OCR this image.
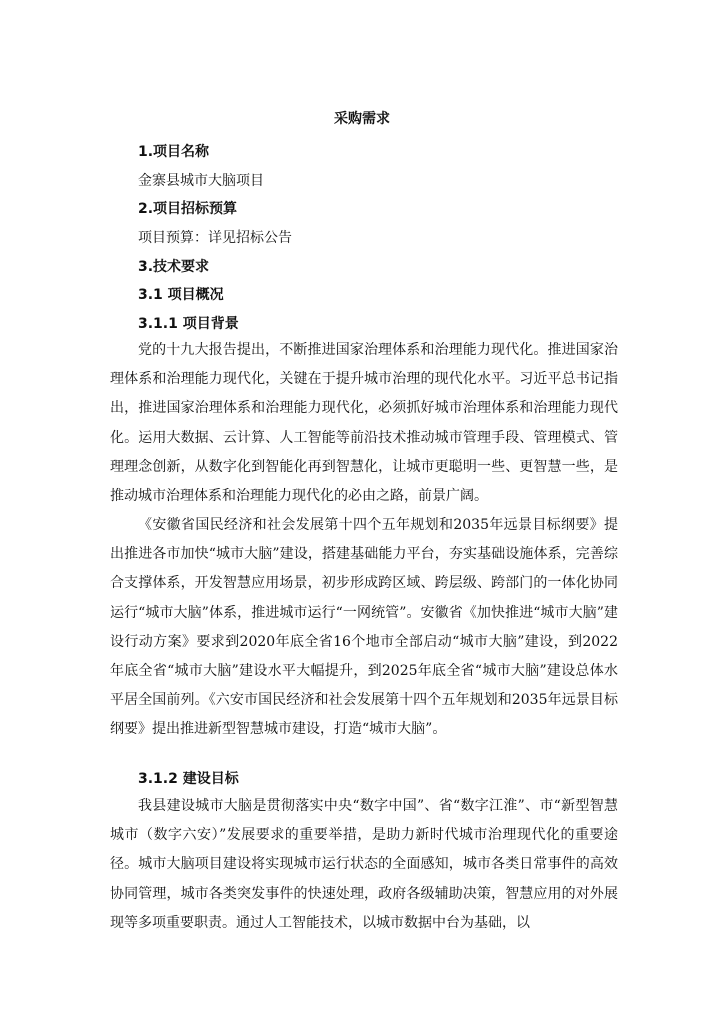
采购需求
1.项目名称
金寨县城市大脑项目
2.项目招标预算
项目预算：详见招标公告
3.技术要求
3.1 项目概况
3.1.1 项目背景

党的十九大报告提出，不断推进国家治理体系和治理能力现代化。推进国家治理体系和治理能力现代化，关键在于提升城市治理的现代化水平。习近平总书记指出，推进国家治理体系和治理能力现代化，必须抓好城市治理体系和治理能力现代化。运用大数据、云计算、人工智能等前沿技术推动城市管理手段、管理模式、管理理念创新，从数字化到智能化再到智慧化，让城市更聪明一些、更智慧一些，是推动城市治理体系和治理能力现代化的必由之路，前景广阔。

《安徽省国民经济和社会发展第十四个五年规划和2035年远景目标纲要》提出推进各市加快“城市大脑”建设，搭建基础能力平台，夯实基础设施体系，完善综合支撑体系，开发智慧应用场景，初步形成跨区域、跨层级、跨部门的一体化协同运行“城市大脑”体系，推进城市运行“一网统管”。安徽省《加快推进“城市大脑”建设行动方案》要求到2020年底全省16个地市全部启动“城市大脑”建设，到2022年底全省“城市大脑”建设水平大幅提升，到2025年底全省“城市大脑”建设总体水平居全国前列。《六安市国民经济和社会发展第十四个五年规划和2035年远景目标纲要》提出推进新型智慧城市建设，打造“城市大脑”。

3.1.2 建设目标

我县建设城市大脑是贯彻落实中央“数字中国”、省“数字江淮”、市“新型智慧城市（数字六安）”发展要求的重要举措，是助力新时代城市治理现代化的重要途径。城市大脑项目建设将实现城市运行状态的全面感知，城市各类日常事件的高效协同管理，城市各类突发事件的快速处理，政府各级辅助决策，智慧应用的对外展现等多项重要职责。通过人工智能技术，以城市数据中台为基础，以
